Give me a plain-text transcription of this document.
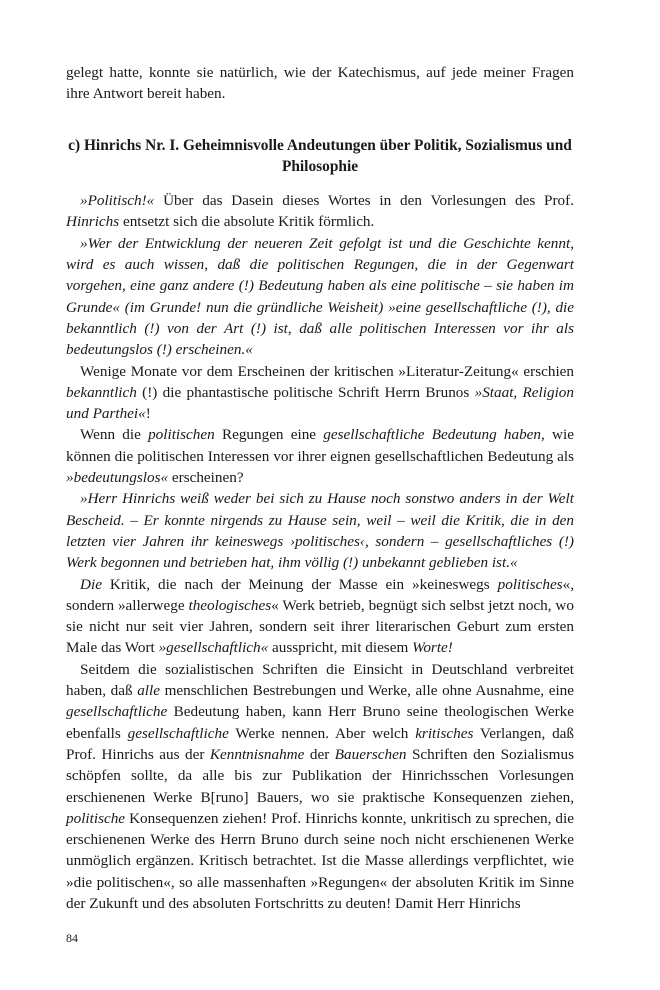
gelegt hatte, konnte sie natürlich, wie der Katechismus, auf jede meiner Fragen ihre Antwort bereit haben.

c) Hinrichs Nr. I. Geheimnisvolle Andeutungen über Politik, Sozialismus und Philosophie

»Politisch!« Über das Dasein dieses Wortes in den Vorlesungen des Prof. Hinrichs entsetzt sich die absolute Kritik förmlich.

»Wer der Entwicklung der neueren Zeit gefolgt ist und die Geschichte kennt, wird es auch wissen, daß die politischen Regungen, die in der Gegenwart vorgehen, eine ganz andere (!) Bedeutung haben als eine politische – sie haben im Grunde« (im Grunde! nun die gründliche Weisheit) »eine gesellschaftliche (!), die bekanntlich (!) von der Art (!) ist, daß alle politischen Interessen vor ihr als bedeutungslos (!) erscheinen.«

Wenige Monate vor dem Erscheinen der kritischen »Literatur-Zeitung« erschien bekanntlich (!) die phantastische politische Schrift Herrn Brunos »Staat, Religion und Parthei«!

Wenn die politischen Regungen eine gesellschaftliche Bedeutung haben, wie können die politischen Interessen vor ihrer eignen gesellschaftlichen Bedeutung als »bedeutungslos« erscheinen?

»Herr Hinrichs weiß weder bei sich zu Hause noch sonstwo anders in der Welt Bescheid. – Er konnte nirgends zu Hause sein, weil – weil die Kritik, die in den letzten vier Jahren ihr keineswegs ›politisches‹, sondern – gesellschaftliches (!) Werk begonnen und betrieben hat, ihm völlig (!) unbekannt geblieben ist.«

Die Kritik, die nach der Meinung der Masse ein »keineswegs politisches«, sondern »allerwege theologisches« Werk betrieb, begnügt sich selbst jetzt noch, wo sie nicht nur seit vier Jahren, sondern seit ihrer literarischen Geburt zum ersten Male das Wort »gesellschaftlich« ausspricht, mit diesem Worte!

Seitdem die sozialistischen Schriften die Einsicht in Deutschland verbreitet haben, daß alle menschlichen Bestrebungen und Werke, alle ohne Ausnahme, eine gesellschaftliche Bedeutung haben, kann Herr Bruno seine theologischen Werke ebenfalls gesellschaftliche Werke nennen. Aber welch kritisches Verlangen, daß Prof. Hinrichs aus der Kenntnisnahme der Bauerschen Schriften den Sozialismus schöpfen sollte, da alle bis zur Publikation der Hinrichsschen Vorlesungen erschienenen Werke B[runo] Bauers, wo sie praktische Konsequenzen ziehen, politische Konsequenzen ziehen! Prof. Hinrichs konnte, unkritisch zu sprechen, die erschienenen Werke des Herrn Bruno durch seine noch nicht erschienenen Werke unmöglich ergänzen. Kritisch betrachtet. Ist die Masse allerdings verpflichtet, wie »die politischen«, so alle massenhaften »Regungen« der absoluten Kritik im Sinne der Zukunft und des absoluten Fortschritts zu deuten! Damit Herr Hinrichs

84
